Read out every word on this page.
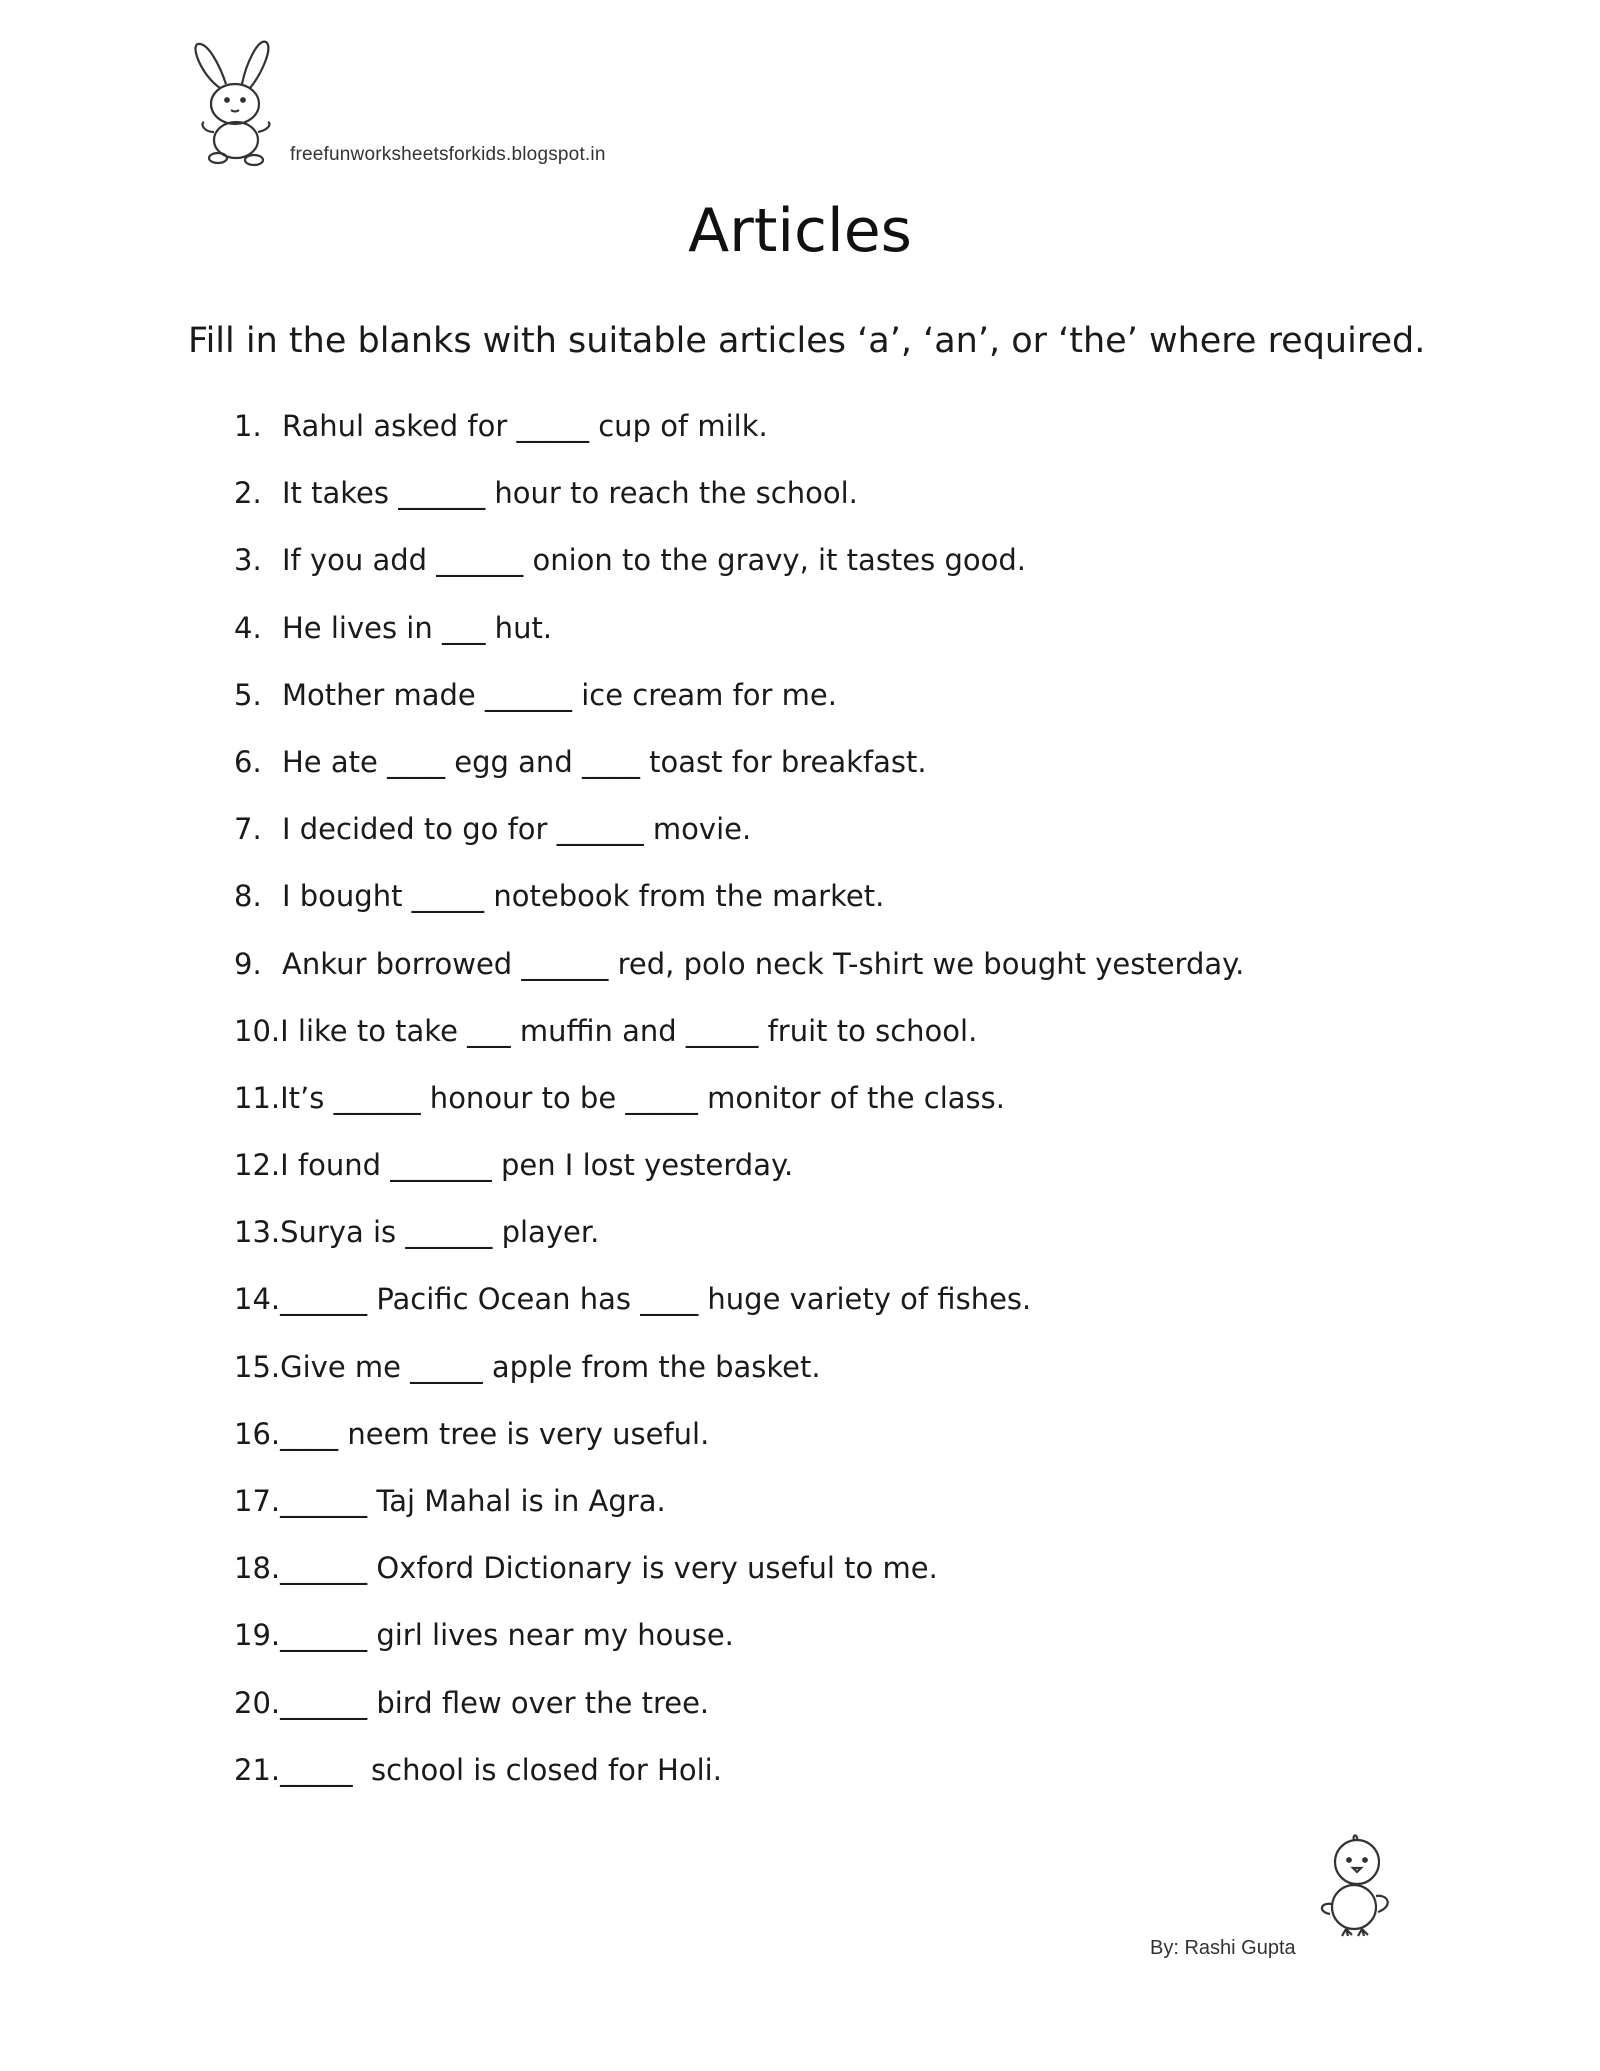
freefunworksheetsforkids.blogspot.in
Articles
Fill in the blanks with suitable articles ‘a’, ‘an’, or ‘the’ where required.
1. Rahul asked for _____ cup of milk.
2. It takes ______ hour to reach the school.
3. If you add ______ onion to the gravy, it tastes good.
4. He lives in ___ hut.
5. Mother made ______ ice cream for me.
6. He ate ____ egg and ____ toast for breakfast.
7. I decided to go for ______ movie.
8. I bought _____ notebook from the market.
9. Ankur borrowed ______ red, polo neck T-shirt we bought yesterday.
10. I like to take ___ muffin and _____ fruit to school.
11. It’s ______ honour to be _____ monitor of the class.
12. I found _______ pen I lost yesterday.
13. Surya is ______ player.
14. ______ Pacific Ocean has ____ huge variety of fishes.
15. Give me _____ apple from the basket.
16. ____ neem tree is very useful.
17. ______ Taj Mahal is in Agra.
18. ______ Oxford Dictionary is very useful to me.
19. ______ girl lives near my house.
20. ______ bird flew over the tree.
21. _____  school is closed for Holi.
By: Rashi Gupta
